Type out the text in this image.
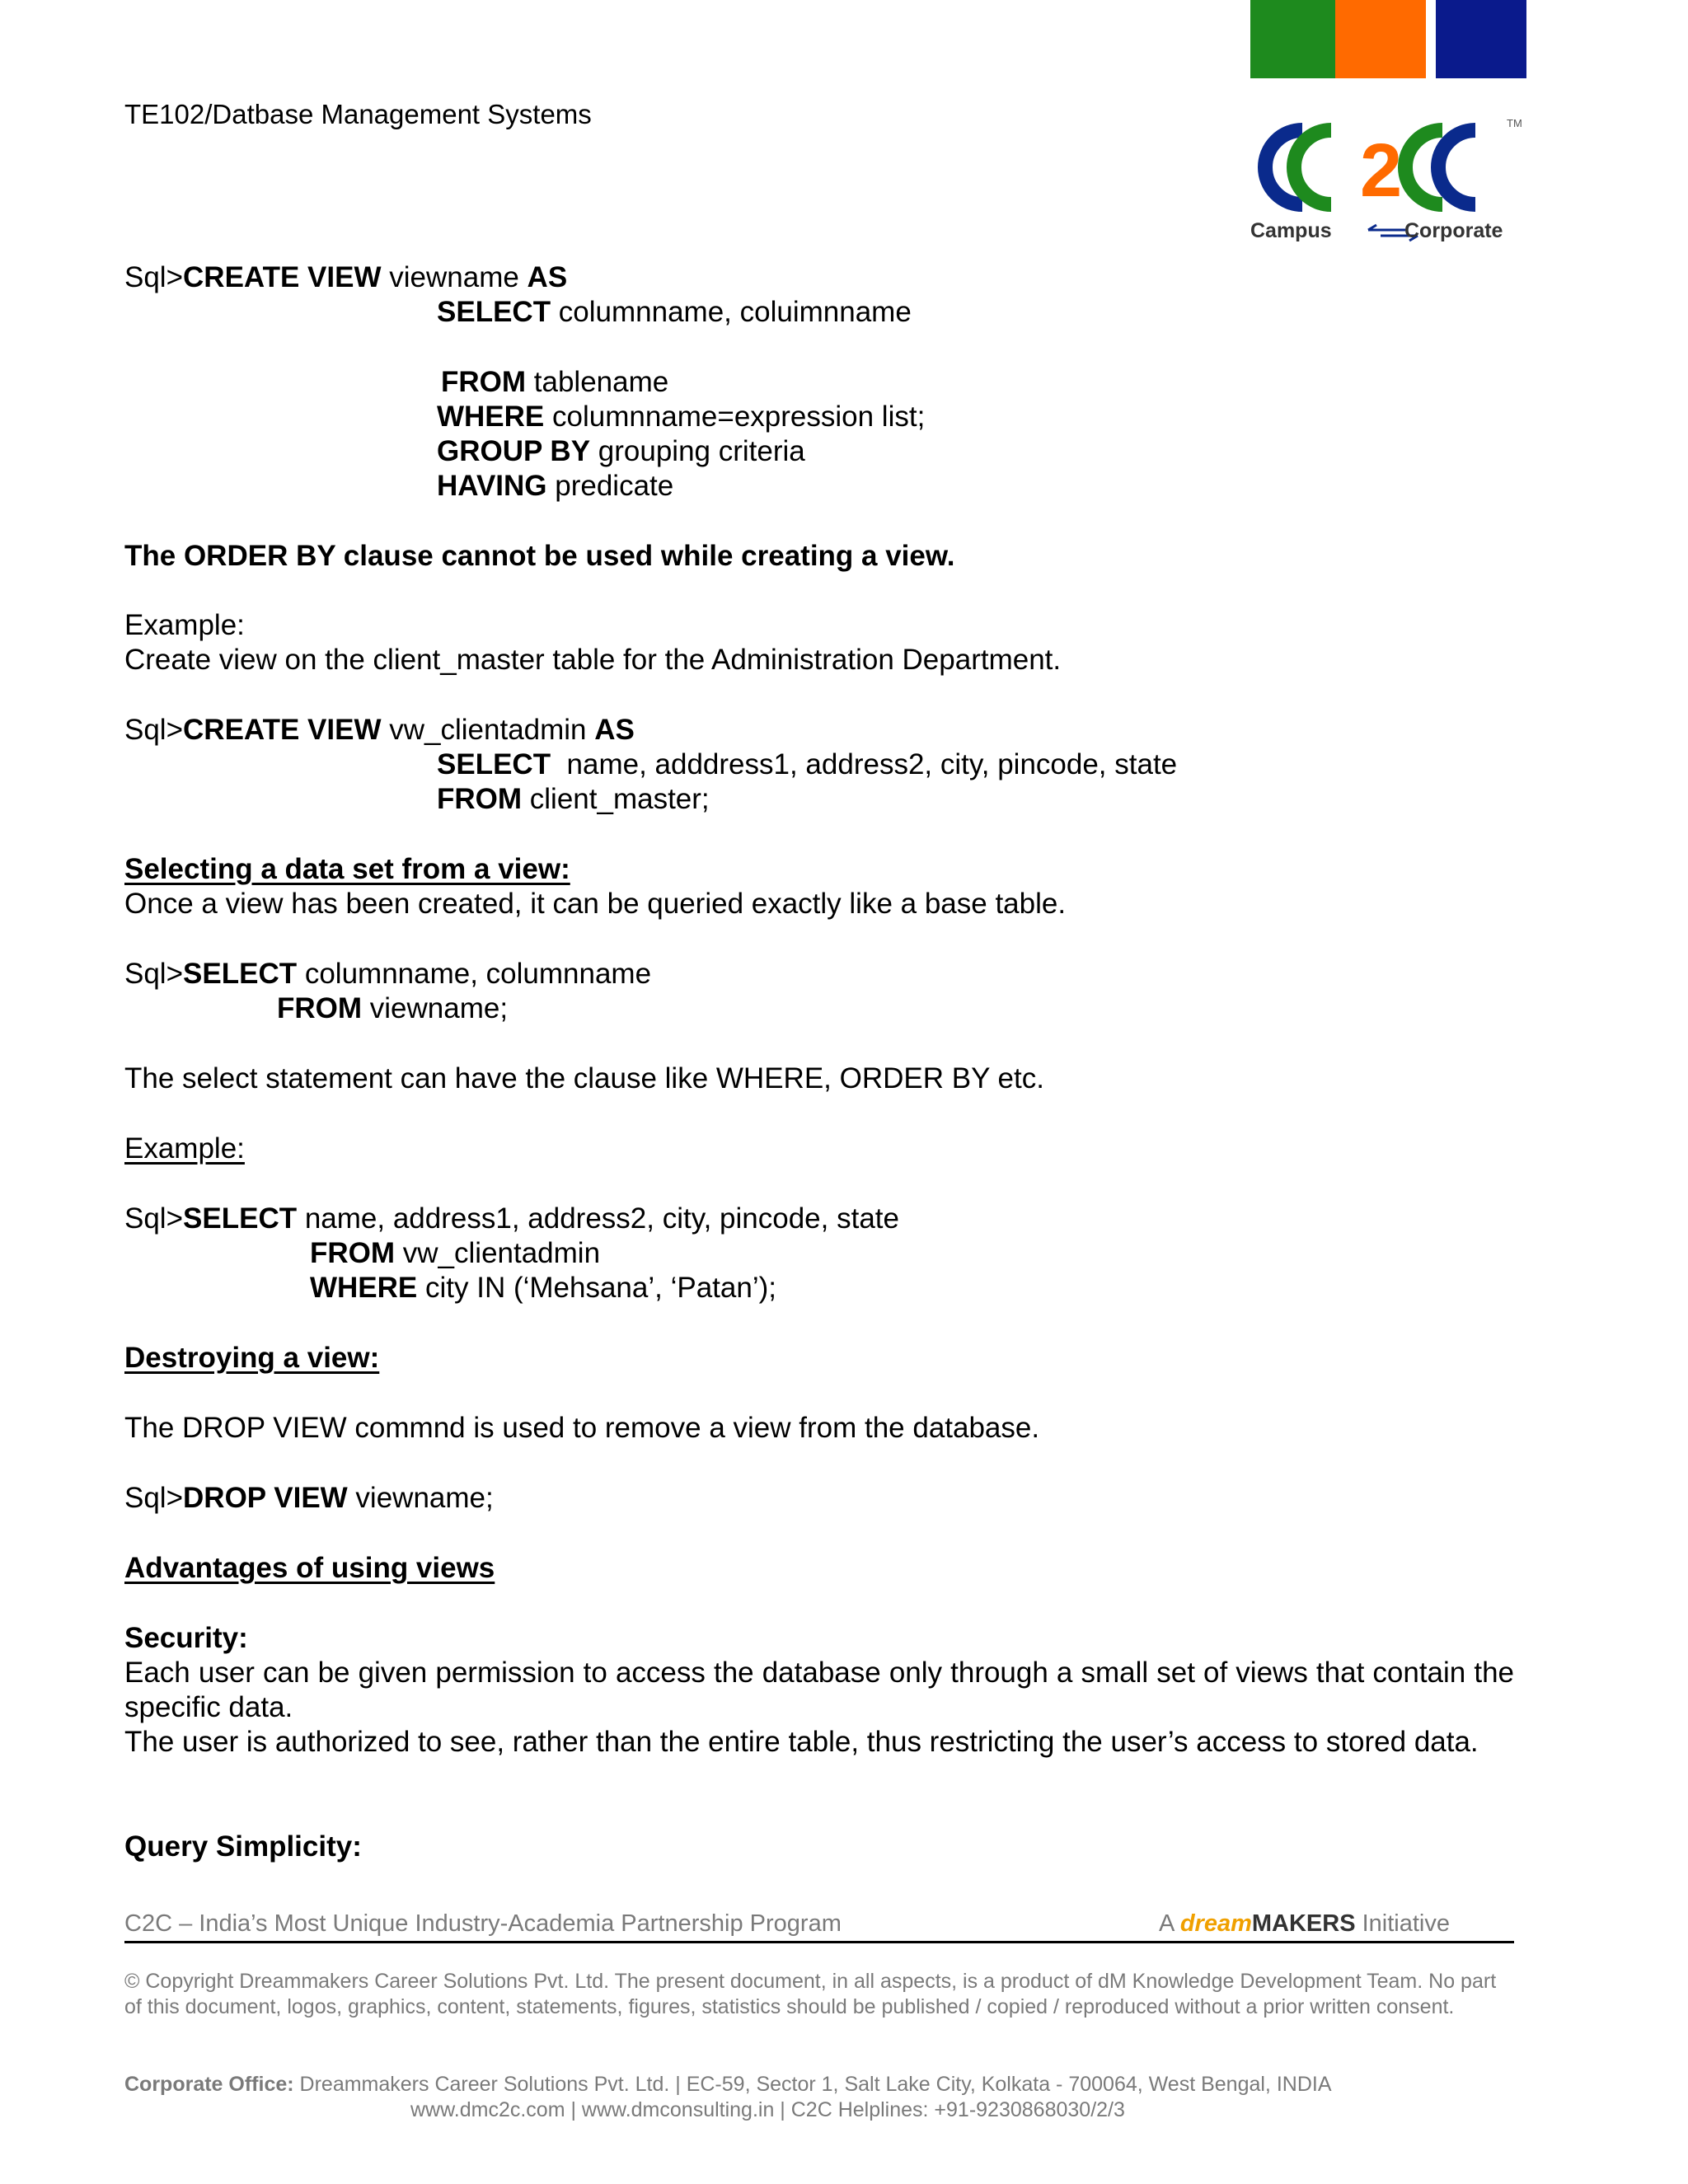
TE102/Datbase Management Systems
2
TM
Campus	Corporate
Sql>CREATE VIEW viewname AS
SELECT columnname, coluimnname
FROM tablename
WHERE columnname=expression list;
GROUP BY grouping criteria
HAVING predicate
The ORDER BY clause cannot be used while creating a view.
Example:
Create view on the client_master table for the Administration Department.
Sql>CREATE VIEW vw_clientadmin AS
SELECT  name, adddress1, address2, city, pincode, state
FROM client_master;
Selecting a data set from a view:
Once a view has been created, it can be queried exactly like a base table.
Sql>SELECT columnname, columnname
FROM viewname;
The select statement can have the clause like WHERE, ORDER BY etc.
Example:
Sql>SELECT name, address1, address2, city, pincode, state
FROM vw_clientadmin
WHERE city IN (‘Mehsana’, ‘Patan’);
Destroying a view:
The DROP VIEW commnd is used to remove a view from the database.
Sql>DROP VIEW viewname;
Advantages of using views
Security:
Each user can be given permission to access the database only through a small set of views that contain the specific data.
The user is authorized to see, rather than the entire table, thus restricting the user’s access to stored data.
Query Simplicity:
C2C – India’s Most Unique Industry-Academia Partnership Program	A dreamMAKERS Initiative
© Copyright Dreammakers Career Solutions Pvt. Ltd. The present document, in all aspects, is a product of dM Knowledge Development Team. No part of this document, logos, graphics, content, statements, figures, statistics should be published / copied / reproduced without a prior written consent.
Corporate Office: Dreammakers Career Solutions Pvt. Ltd. | EC-59, Sector 1, Salt Lake City, Kolkata - 700064, West Bengal, INDIA
www.dmc2c.com | www.dmconsulting.in | C2C Helplines: +91-9230868030/2/3
